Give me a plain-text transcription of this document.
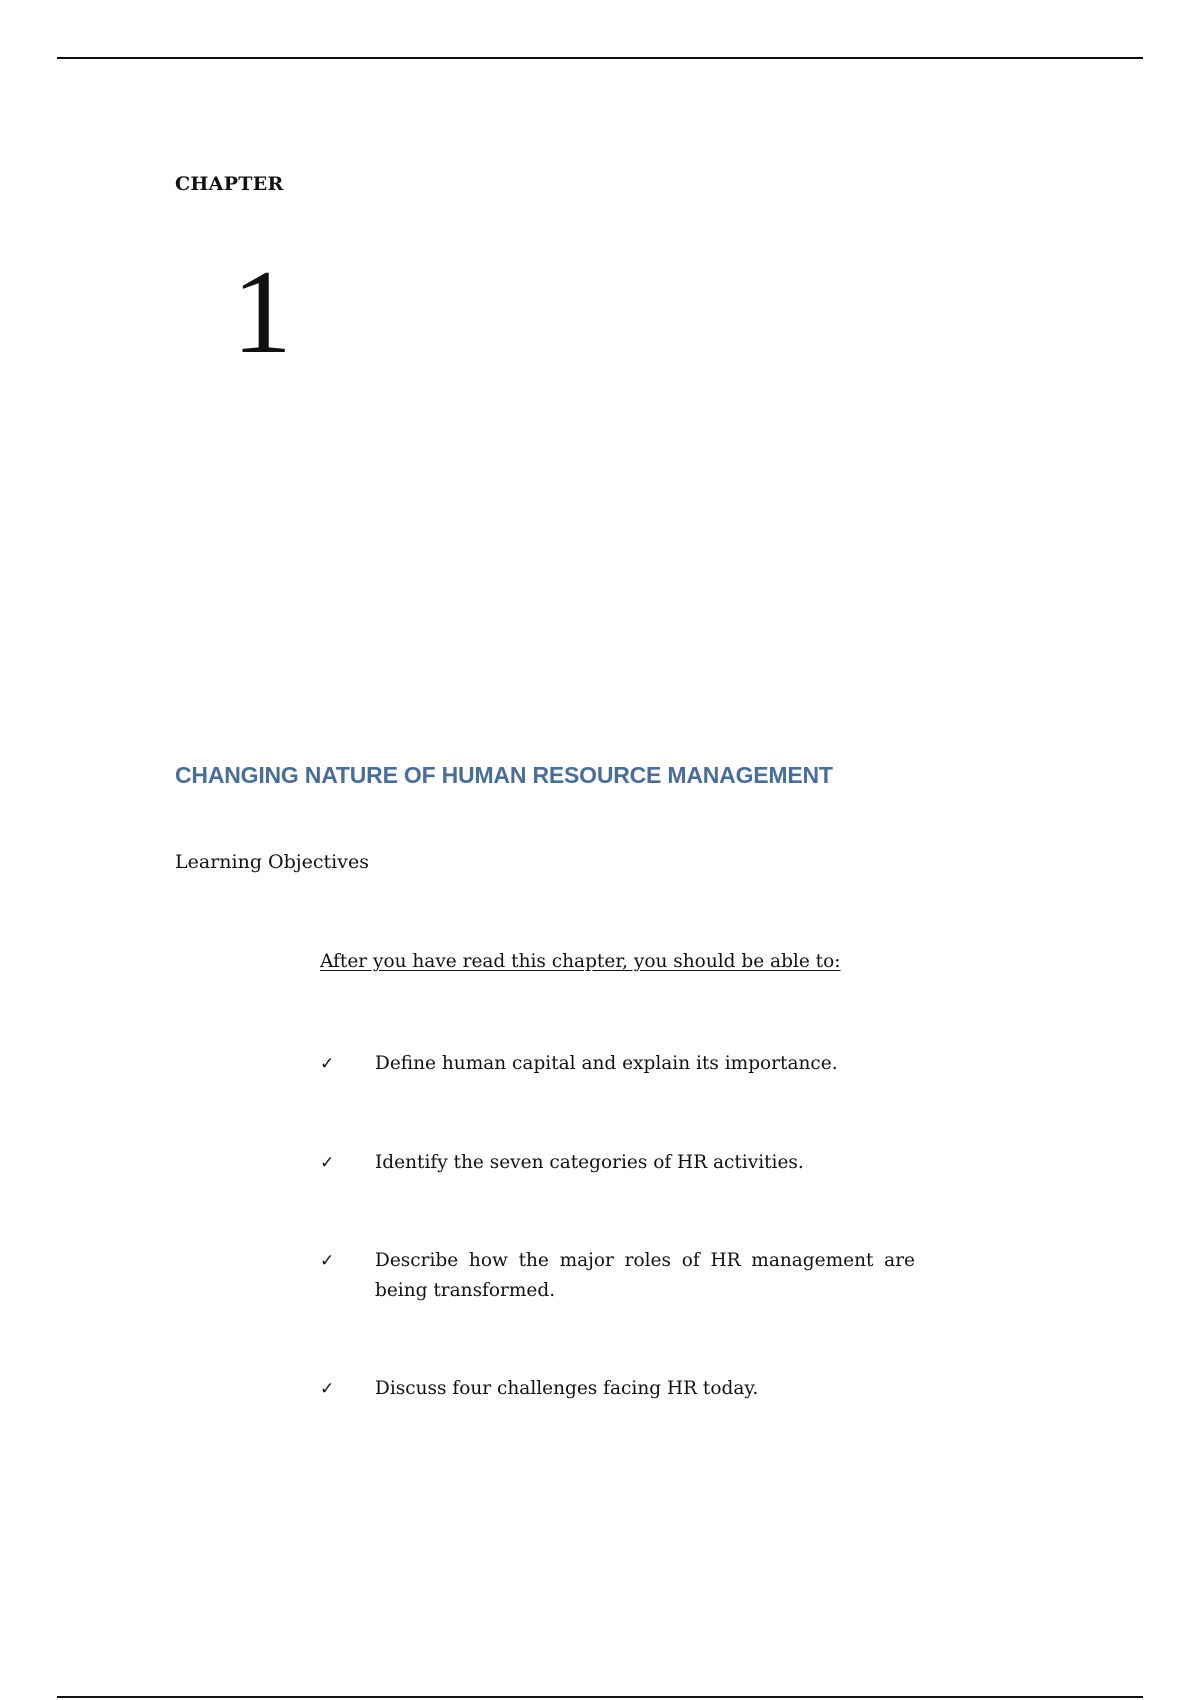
CHAPTER
1
CHANGING NATURE OF HUMAN RESOURCE MANAGEMENT
Learning Objectives
After you have read this chapter, you should be able to:
✓ Define human capital and explain its importance.
✓ Identify the seven categories of HR activities.
✓ Describe how the major roles of HR management are being transformed.
✓ Discuss four challenges facing HR today.
